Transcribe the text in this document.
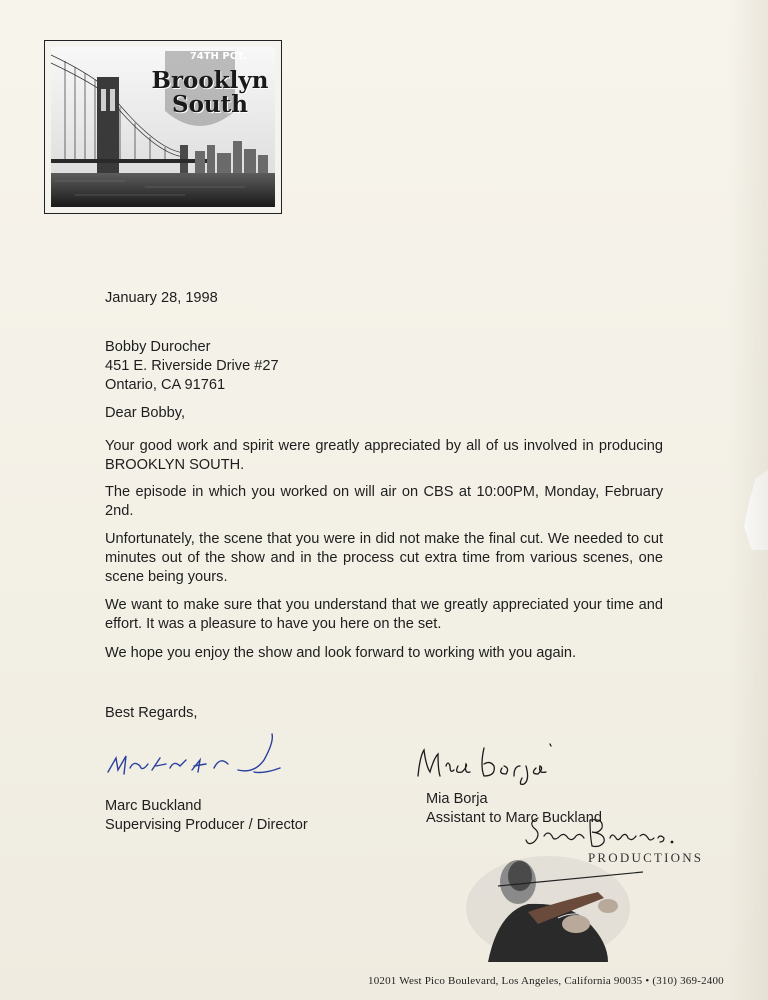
74TH PCT.
Brooklyn
South

January 28, 1998

Bobby Durocher

451 E. Riverside Drive #27

Ontario, CA 91761

Dear Bobby,

Your good work and spirit were greatly appreciated by all of us involved in producing BROOKLYN SOUTH.

The episode in which you worked on will air on CBS at 10:00PM, Monday, February 2nd.

Unfortunately, the scene that you were in did not make the final cut. We needed to cut minutes out of the show and in the process cut extra time from various scenes, one scene being yours.

We want to make sure that you understand that we greatly appreciated your time and effort. It was a pleasure to have you here on the set.

We hope you enjoy the show and look forward to working with you again.

Best Regards,

Marc Buckland
Supervising Producer / Director
Mia Borja
Assistant to Marc Buckland
PRODUCTIONS
10201 West Pico Boulevard, Los Angeles, California 90035 • (310) 369-2400
